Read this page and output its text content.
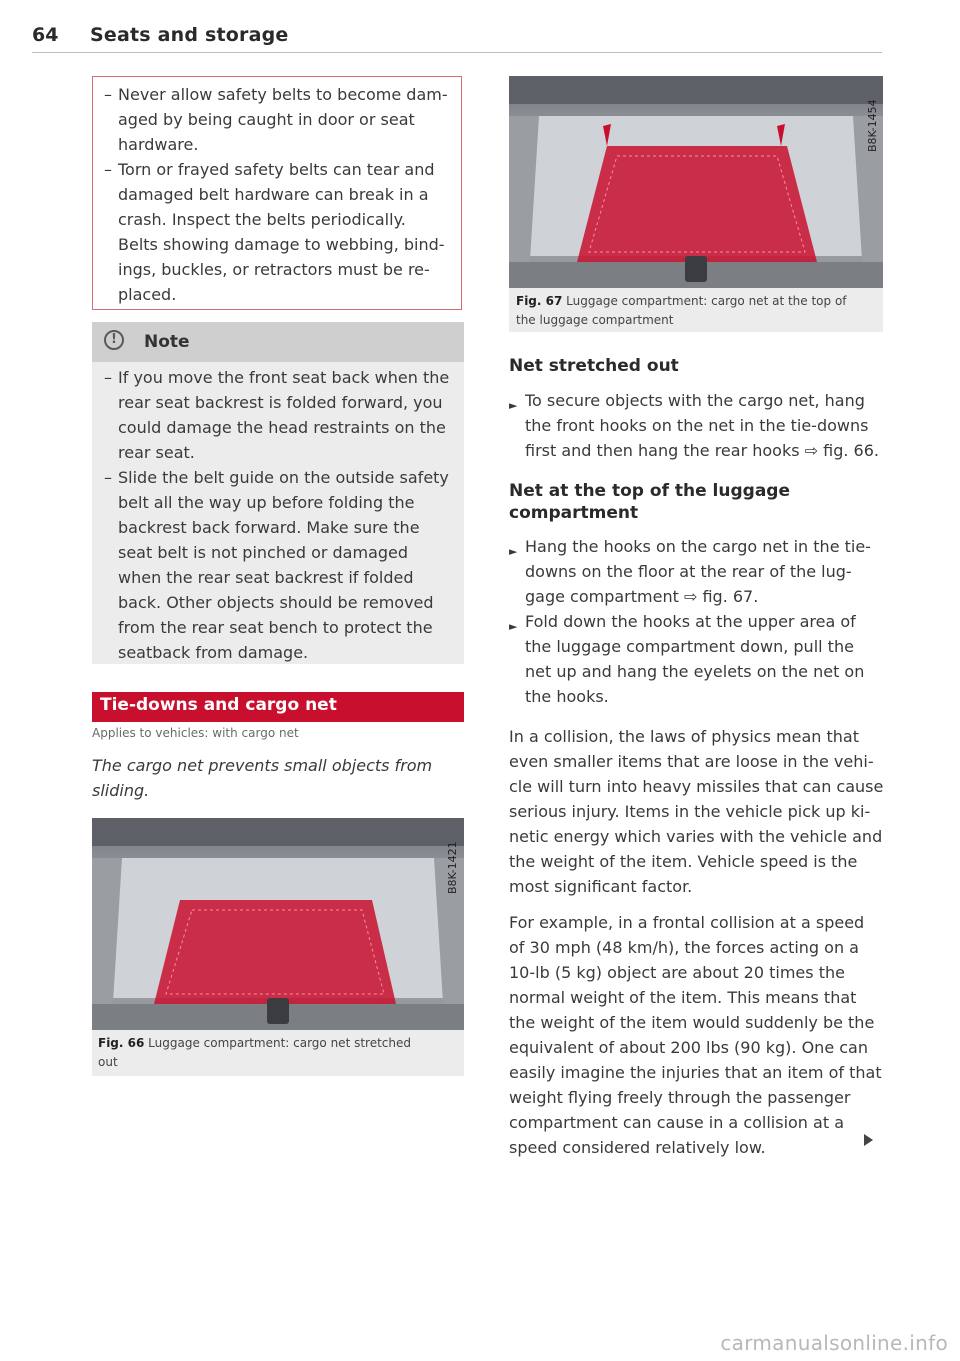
64 Seats and storage
– Never allow safety belts to become dam-
aged by being caught in door or seat
hardware.
– Torn or frayed safety belts can tear and
damaged belt hardware can break in a
crash. Inspect the belts periodically.
Belts showing damage to webbing, bind-
ings, buckles, or retractors must be re-
placed.
!	Note
– If you move the front seat back when the
rear seat backrest is folded forward, you
could damage the head restraints on the
rear seat.
– Slide the belt guide on the outside safety
belt all the way up before folding the
backrest back forward. Make sure the
seat belt is not pinched or damaged
when the rear seat backrest if folded
back. Other objects should be removed
from the rear seat bench to protect the
seatback from damage.
Tie-downs and cargo net
Applies to vehicles: with cargo net
The cargo net prevents small objects from
sliding.
B8K-1421
Fig. 66 Luggage compartment: cargo net stretched
out
B8K-1454
Fig. 67 Luggage compartment: cargo net at the top of
the luggage compartment
Net stretched out
► To secure objects with the cargo net, hang
the front hooks on the net in the tie-downs
first and then hang the rear hooks ⇨ fig. 66.
Net at the top of the luggage
compartment
► Hang the hooks on the cargo net in the tie-
downs on the floor at the rear of the lug-
gage compartment ⇨ fig. 67.
► Fold down the hooks at the upper area of
the luggage compartment down, pull the
net up and hang the eyelets on the net on
the hooks.
In a collision, the laws of physics mean that
even smaller items that are loose in the vehi-
cle will turn into heavy missiles that can cause
serious injury. Items in the vehicle pick up ki-
netic energy which varies with the vehicle and
the weight of the item. Vehicle speed is the
most significant factor.
For example, in a frontal collision at a speed
of 30 mph (48 km/h), the forces acting on a
10-lb (5 kg) object are about 20 times the
normal weight of the item. This means that
the weight of the item would suddenly be the
equivalent of about 200 lbs (90 kg). One can
easily imagine the injuries that an item of that
weight flying freely through the passenger
compartment can cause in a collision at a
speed considered relatively low.
carmanualsonline.info
